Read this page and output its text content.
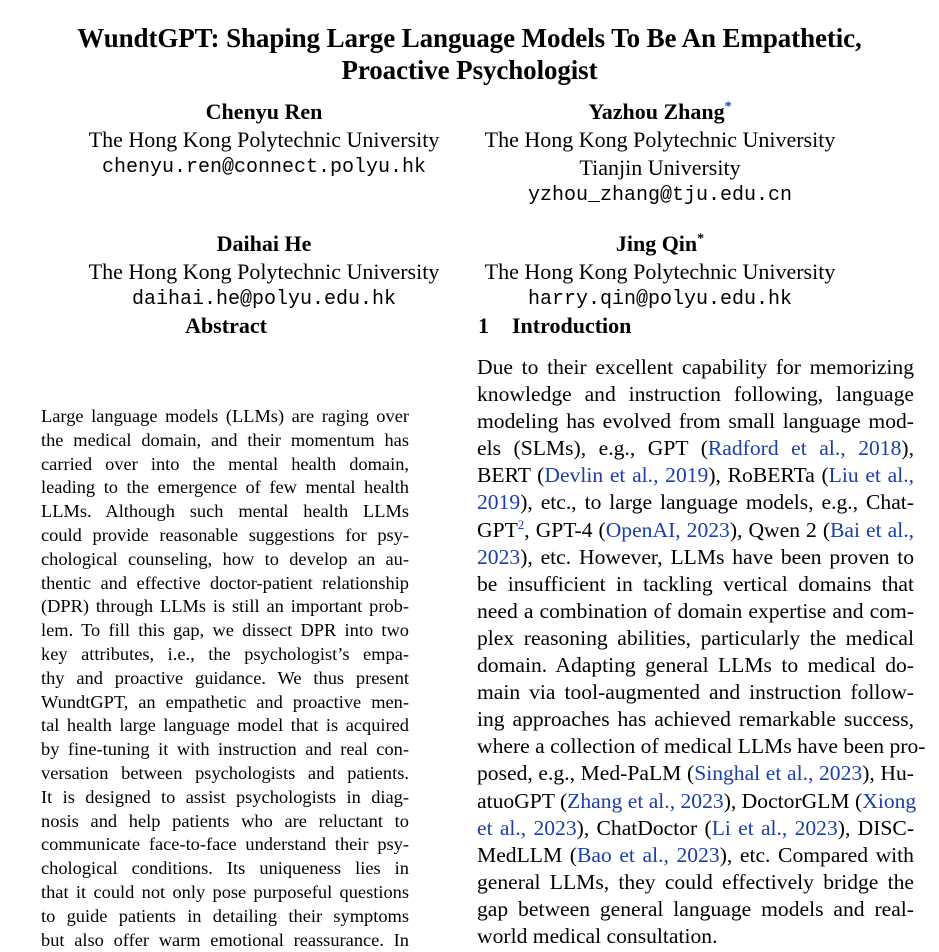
WundtGPT: Shaping Large Language Models To Be An Empathetic,
Proactive Psychologist
Chenyu Ren
The Hong Kong Polytechnic University
chenyu.ren@connect.polyu.hk
Yazhou Zhang*
The Hong Kong Polytechnic University
Tianjin University
yzhou_zhang@tju.edu.cn
Daihai He
The Hong Kong Polytechnic University
daihai.he@polyu.edu.hk
Jing Qin*
The Hong Kong Polytechnic University
harry.qin@polyu.edu.hk
Abstract	1 Introduction
Large language models (LLMs) are raging over
the medical domain, and their momentum has
carried over into the mental health domain,
leading to the emergence of few mental health
LLMs. Although such mental health LLMs
could provide reasonable suggestions for psy-
chological counseling, how to develop an au-
thentic and effective doctor-patient relationship
(DPR) through LLMs is still an important prob-
lem. To fill this gap, we dissect DPR into two
key attributes, i.e., the psychologist’s empa-
thy and proactive guidance. We thus present
WundtGPT, an empathetic and proactive men-
tal health large language model that is acquired
by fine-tuning it with instruction and real con-
versation between psychologists and patients.
It is designed to assist psychologists in diag-
nosis and help patients who are reluctant to
communicate face-to-face understand their psy-
chological conditions. Its uniqueness lies in
that it could not only pose purposeful questions
to guide patients in detailing their symptoms
but also offer warm emotional reassurance. In
Due to their excellent capability for memorizing
knowledge and instruction following, language
modeling has evolved from small language mod-
els (SLMs), e.g., GPT (Radford et al., 2018),
BERT (Devlin et al., 2019), RoBERTa (Liu et al.,
2019), etc., to large language models, e.g., Chat-
GPT$^2$, GPT-4 (OpenAI, 2023), Qwen 2 (Bai et al.,
2023), etc. However, LLMs have been proven to
be insufficient in tackling vertical domains that
need a combination of domain expertise and com-
plex reasoning abilities, particularly the medical
domain. Adapting general LLMs to medical do-
main via tool-augmented and instruction follow-
ing approaches has achieved remarkable success,
where a collection of medical LLMs have been pro-
posed, e.g., Med-PaLM (Singhal et al., 2023), Hu-
atuoGPT (Zhang et al., 2023), DoctorGLM (Xiong
et al., 2023), ChatDoctor (Li et al., 2023), DISC-
MedLLM (Bao et al., 2023), etc. Compared with
general LLMs, they could effectively bridge the
gap between general language models and real-
world medical consultation.
